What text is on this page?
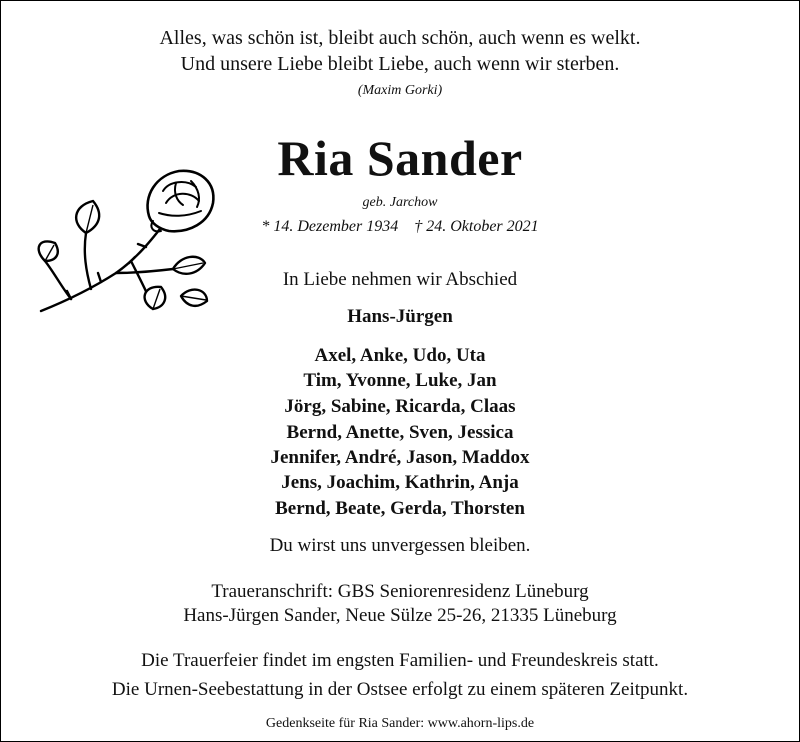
Alles, was schön ist, bleibt auch schön, auch wenn es welkt.

Und unsere Liebe bleibt Liebe, auch wenn wir sterben.

(Maxim Gorki)

Ria Sander

geb. Jarchow

* 14. Dezember 1934    † 24. Oktober 2021

In Liebe nehmen wir Abschied

Hans-Jürgen

Axel, Anke, Udo, Uta

Tim, Yvonne, Luke, Jan

Jörg, Sabine, Ricarda, Claas

Bernd, Anette, Sven, Jessica

Jennifer, André, Jason, Maddox

Jens, Joachim, Kathrin, Anja

Bernd, Beate, Gerda, Thorsten

Du wirst uns unvergessen bleiben.

Traueranschrift: GBS Seniorenresidenz Lüneburg

Hans-Jürgen Sander, Neue Sülze 25-26, 21335 Lüneburg

Die Trauerfeier findet im engsten Familien- und Freundeskreis statt.

Die Urnen-Seebestattung in der Ostsee erfolgt zu einem späteren Zeitpunkt.

Gedenkseite für Ria Sander: www.ahorn-lips.de
